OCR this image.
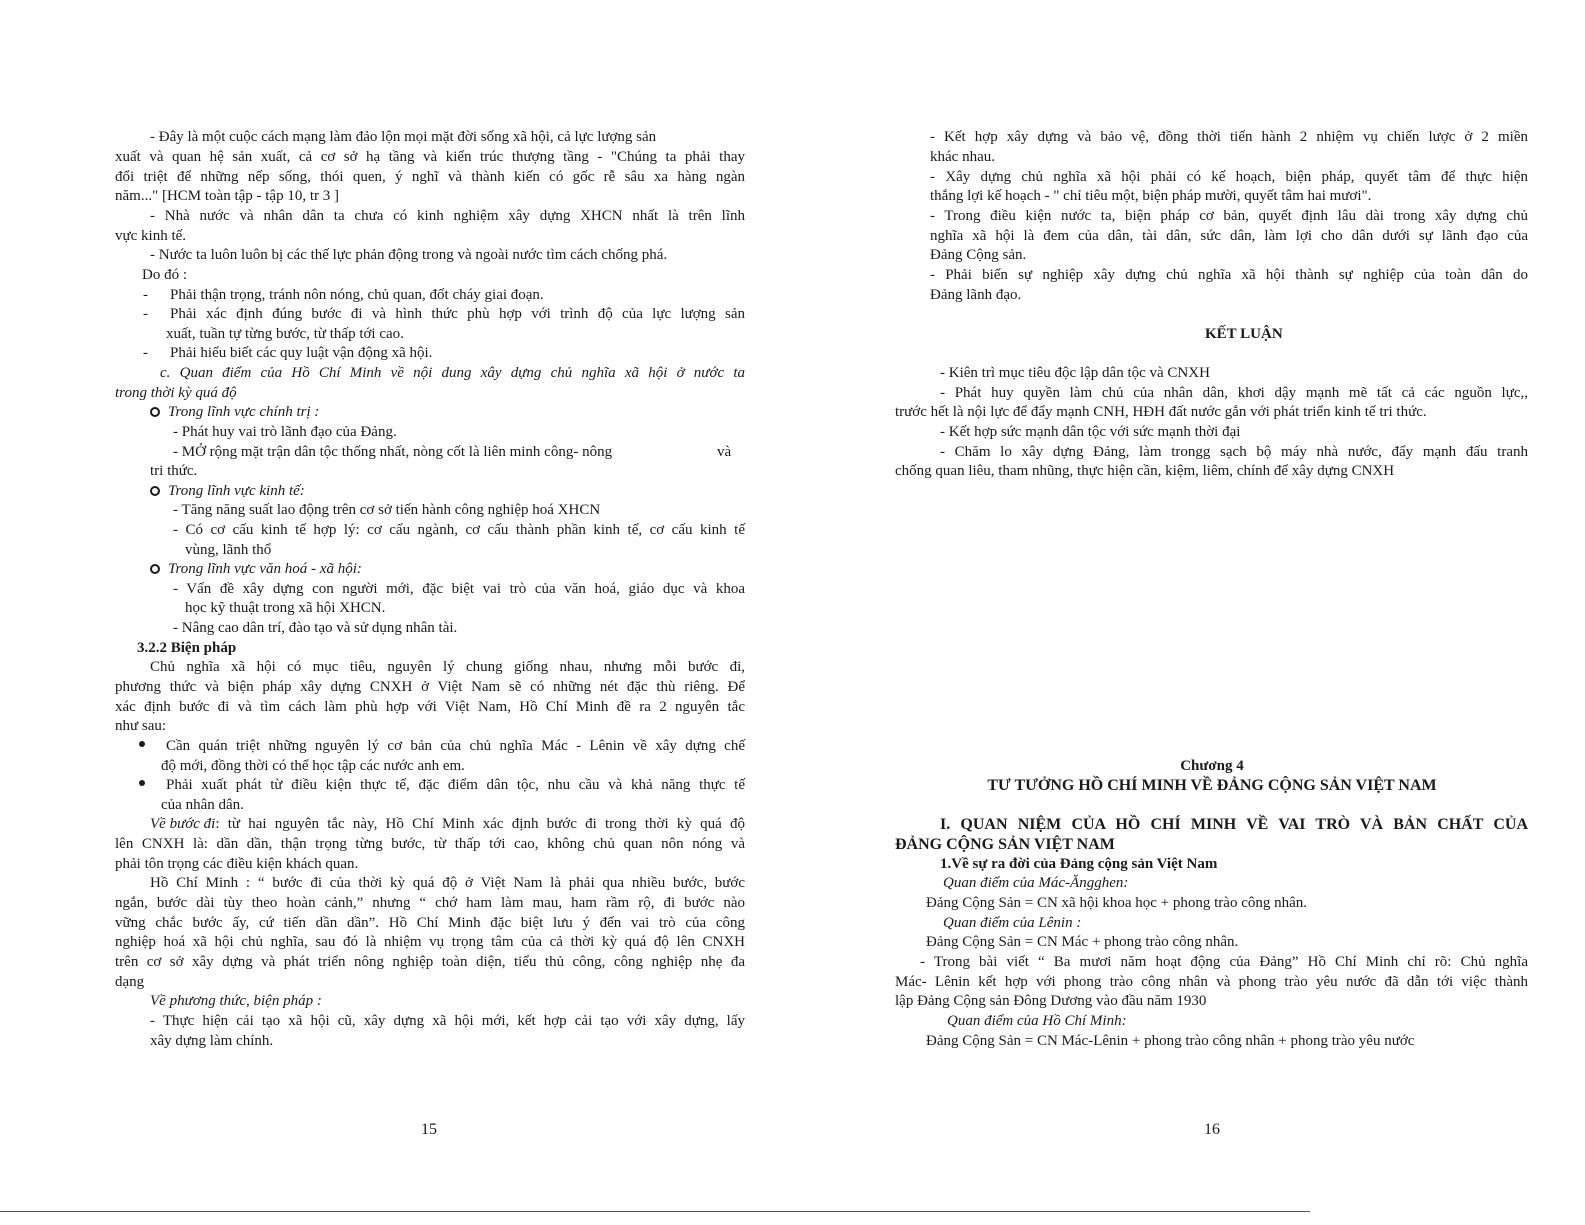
- Đây là một cuộc cách mạng làm đảo lộn mọi mặt đời sống xã hội, cả lực lượng sản
xuất và quan hệ sản xuất, cả cơ sở hạ tầng và kiến trúc thượng tầng - "Chúng ta phải thay
đổi triệt để những nếp sống, thói quen, ý nghĩ và thành kiến có gốc rễ sâu xa hàng ngàn
năm..." [HCM toàn tập - tập 10, tr 3 ]
- Nhà nước và nhân dân ta chưa có kinh nghiệm xây dựng XHCN nhất là trên lĩnh
vực kinh tế.
- Nước ta luôn luôn bị các thế lực phản động trong và ngoài nước tìm cách chống phá.
Do đó :
- Phải thận trọng, tránh nôn nóng, chủ quan, đốt cháy giai đoạn.
- Phải xác định đúng bước đi và hình thức phù hợp với trình độ của lực lượng sản
xuất, tuần tự từng bước, từ thấp tới cao.
- Phải hiểu biết các quy luật vận động xã hội.
c. Quan điểm của Hồ Chí Minh về nội dung xây dựng chủ nghĩa xã hội ở nước ta
trong thời kỳ quá độ
Trong lĩnh vực chính trị :
- Phát huy vai trò lãnh đạo của Đảng.
- MỞ rộng mặt trận dân tộc thống nhất, nòng cốt là liên minh công- nông	và
tri thức.
Trong lĩnh vực kinh tế:
- Tăng năng suất lao động trên cơ sở tiến hành công nghiệp hoá XHCN
- Có cơ cấu kinh tế hợp lý: cơ cấu ngành, cơ cấu thành phần kinh tế, cơ cấu kinh tế
vùng, lãnh thổ
Trong lĩnh vực văn hoá - xã hội:
- Vấn đề xây dựng con người mới, đặc biệt vai trò của văn hoá, giáo dục và khoa
học kỹ thuật trong xã hội XHCN.
- Nâng cao dân trí, đào tạo và sử dụng nhân tài.
3.2.2 Biện pháp
Chủ nghĩa xã hội có mục tiêu, nguyên lý chung giống nhau, nhưng mỗi bước đi,
phương thức và biện pháp xây dựng CNXH ở Việt Nam sẽ có những nét đặc thù riêng. Để
xác định bước đi và tìm cách làm phù hợp với Việt Nam, Hồ Chí Minh đề ra 2 nguyên tắc
như sau:
Cần quán triệt những nguyên lý cơ bản của chủ nghĩa Mác - Lênin về xây dựng chế
độ mới, đồng thời có thể học tập các nước anh em.
Phải xuất phát từ điều kiện thực tế, đặc điểm dân tộc, nhu cầu và khả năng thực tế
của nhân dân.
Về bước đi : từ hai nguyên tắc này, Hồ Chí Minh xác định bước đi trong thời kỳ quá độ
lên CNXH là: dần dần, thận trọng từng bước, từ thấp tới cao, không chủ quan nôn nóng và
phải tôn trọng các điều kiện khách quan.
Hồ Chí Minh : “ bước đi của thời kỳ quá độ ở Việt Nam là phải qua nhiều bước, bước
ngắn, bước dài tùy theo hoàn cảnh,” nhưng “ chớ ham làm mau, ham rầm rộ, đi bước nào
vững chắc bước ấy, cứ tiến dần dần”. Hồ Chí Minh đặc biệt lưu ý đến vai trò của công
nghiệp hoá xã hội chủ nghĩa, sau đó là nhiệm vụ trọng tâm của cả thời kỳ quá độ lên CNXH
trên cơ sở xây dựng và phát triển nông nghiệp toàn diện, tiểu thủ công, công nghiệp nhẹ đa
dạng
Về phương thức, biện pháp :
- Thực hiện cải tạo xã hội cũ, xây dựng xã hội mới, kết hợp cải tạo với xây dựng, lấy
xây dựng làm chính.
15
- Kết hợp xây dựng và bảo vệ, đồng thời tiến hành 2 nhiệm vụ chiến lược ở 2 miền
khác nhau.
- Xây dựng chủ nghĩa xã hội phải có kế hoạch, biện pháp, quyết tâm để thực hiện
thắng lợi kế hoạch - " chỉ tiêu một, biện pháp mười, quyết tâm hai mươi".
- Trong điều kiện nước ta, biện pháp cơ bản, quyết định lâu dài trong xây dựng chủ
nghĩa xã hội là đem của dân, tài dân, sức dân, làm lợi cho dân dưới sự lãnh đạo của
Đảng Cộng sản.
- Phải biến sự nghiệp xây dựng chủ nghĩa xã hội thành sự nghiệp của toàn dân do
Đảng lãnh đạo.
KẾT LUẬN
- Kiên trì mục tiêu độc lập dân tộc và CNXH
- Phát huy quyền làm chủ của nhân dân, khơi dậy mạnh mẽ tất cả các nguồn lực,,
trước hết là nội lực để đẩy mạnh CNH, HĐH đất nước gắn với phát triển kinh tế tri thức.
- Kết hợp sức mạnh dân tộc với sức mạnh thời đại
- Chăm lo xây dựng Đảng, làm trongg sạch bộ máy nhà nước, đẩy mạnh đấu tranh
chống quan liêu, tham nhũng, thực hiện cần, kiệm, liêm, chính để xây dựng CNXH
Chương 4
TƯ TƯỞNG HỒ CHÍ MINH VỀ ĐẢNG CỘNG SẢN VIỆT NAM
I. QUAN NIỆM CỦA HỒ CHÍ MINH VỀ VAI TRÒ VÀ BẢN CHẤT CỦA
ĐẢNG CỘNG SẢN VIỆT NAM
1.Về sự ra đời của Đảng cộng sản Việt Nam
Quan điểm của Mác-Ăngghen:
Đảng Cộng Sản = CN xã hội khoa học + phong trào công nhân.
Quan điểm của Lênin :
Đảng Cộng Sản = CN Mác + phong trào công nhân.
- Trong bài viết “ Ba mươi năm hoạt động của Đảng” Hồ Chí Minh chỉ rõ: Chủ nghĩa
Mác- Lênin kết hợp với phong trào công nhân và phong trào yêu nước đã dẫn tới việc thành
lập Đảng Cộng sản Đông Dương vào đầu năm 1930
Quan điểm của Hồ Chí Minh:
Đảng Cộng Sản = CN Mác-Lênin + phong trào công nhân + phong trào yêu nước
16
